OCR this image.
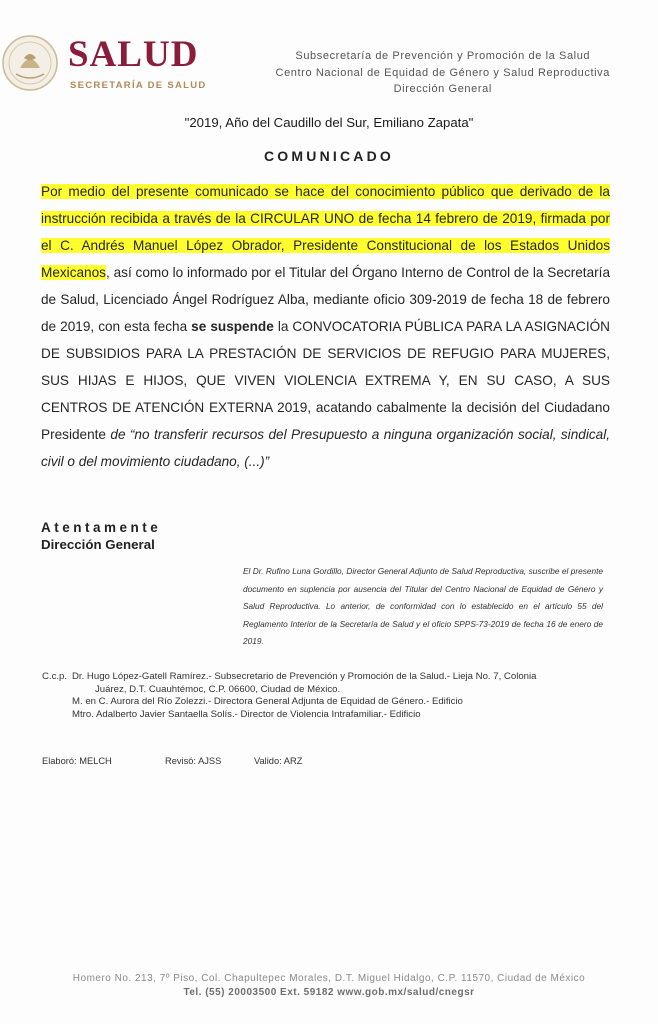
SALUD
SECRETARÍA DE SALUD
Subsecretaría de Prevención y Promoción de la Salud
Centro Nacional de Equidad de Género y Salud Reproductiva
Dirección General
"2019, Año del Caudillo del Sur, Emiliano Zapata"
COMUNICADO
Por medio del presente comunicado se hace del conocimiento público que derivado de la instrucción recibida a través de la CIRCULAR UNO de fecha 14 febrero de 2019, firmada por el C. Andrés Manuel López Obrador, Presidente Constitucional de los Estados Unidos Mexicanos, así como lo informado por el Titular del Órgano Interno de Control de la Secretaría de Salud, Licenciado Ángel Rodríguez Alba, mediante oficio 309-2019 de fecha 18 de febrero de 2019, con esta fecha se suspende la CONVOCATORIA PÚBLICA PARA LA ASIGNACIÓN DE SUBSIDIOS PARA LA PRESTACIÓN DE SERVICIOS DE REFUGIO PARA MUJERES, SUS HIJAS E HIJOS, QUE VIVEN VIOLENCIA EXTREMA Y, EN SU CASO, A SUS CENTROS DE ATENCIÓN EXTERNA 2019, acatando cabalmente la decisión del Ciudadano Presidente de “no transferir recursos del Presupuesto a ninguna organización social, sindical, civil o del movimiento ciudadano, (...)”
Atentamente
Dirección General
El Dr. Rufino Luna Gordillo, Director General Adjunto de Salud Reproductiva, suscribe el presente documento en suplencia por ausencia del Titular del Centro Nacional de Equidad de Género y Salud Reproductiva. Lo anterior, de conformidad con lo establecido en el artículo 55 del Reglamento Interior de la Secretaría de Salud y el oficio SPPS-73-2019 de fecha 16 de enero de 2019.
C.c.p. Dr. Hugo López-Gatell Ramírez.- Subsecretario de Prevención y Promoción de la Salud.- Lieja No. 7, Colonia
Juárez, D.T. Cuauhtémoc, C.P. 06600, Ciudad de México.
M. en C. Aurora del Río Zolezzi.- Directora General Adjunta de Equidad de Género.- Edificio
Mtro. Adalberto Javier Santaella Solís.- Director de Violencia Intrafamiliar.- Edificio
Elaboró: MELCH	Revisó: AJSS	Valido: ARZ
Homero No. 213, 7º Piso, Col. Chapultepec Morales, D.T. Miguel Hidalgo, C.P. 11570, Ciudad de México
Tel. (55) 20003500 Ext. 59182 www.gob.mx/salud/cnegsr
